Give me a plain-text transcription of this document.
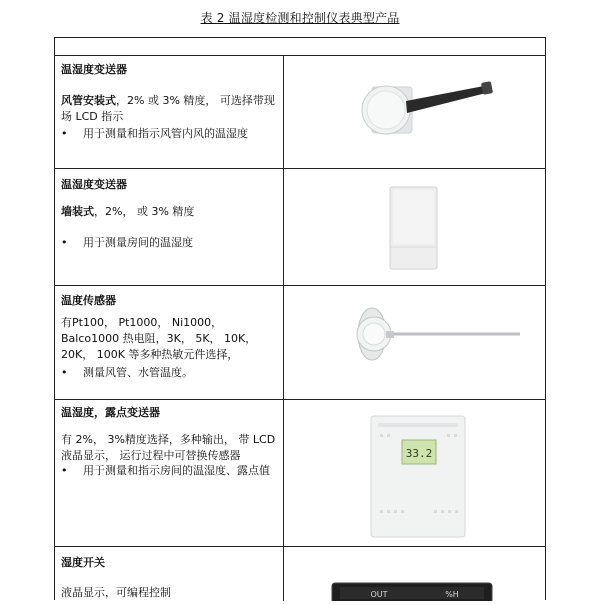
表 2 温湿度检测和控制仪表典型产品
温湿度变送器
风管安装式，2% 或 3% 精度， 可选择带现场 LCD 指示
• 用于测量和指示风管内风的温湿度
温湿度变送器
墙装式，2%， 或 3% 精度
• 用于测量房间的温湿度
温度传感器
有Pt100， Pt1000， Ni1000， Balco1000 热电阻，3K， 5K， 10K， 20K， 100K 等多种热敏元件选择，
• 测量风管、水管温度。
温湿度，露点变送器
有 2%， 3%精度选择，多种输出， 带 LCD 液晶显示， 运行过程中可替换传感器
• 用于测量和指示房间的温湿度、露点值
33.2
湿度开关
液晶显示，可编程控制	OUT	%H
